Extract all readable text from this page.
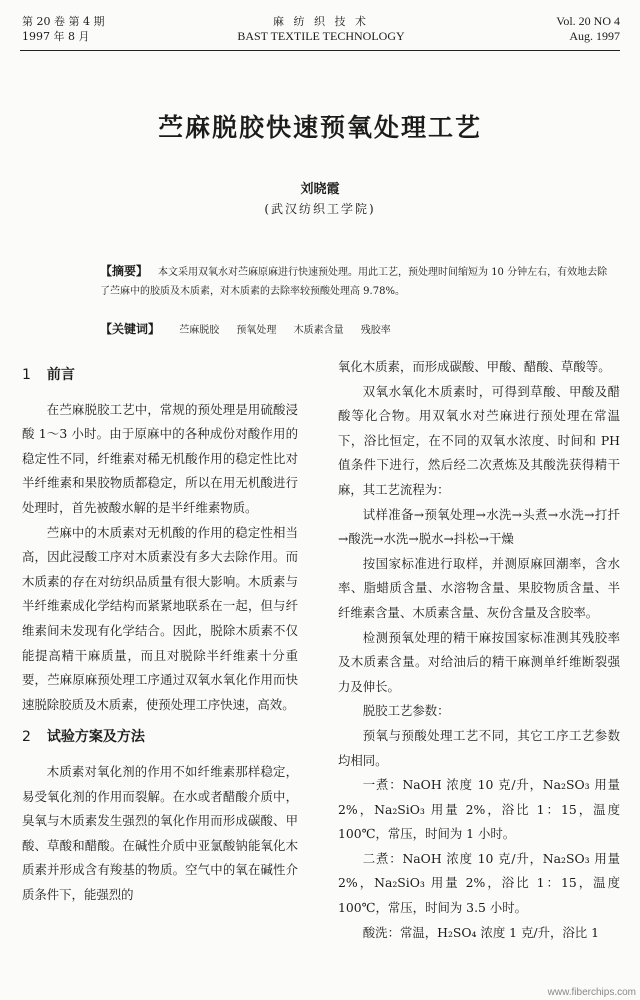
第 20 卷 第 4 期
1997 年 8 月
麻 纺 织 技 术
BAST TEXTILE TECHNOLOGY
Vol. 20 NO 4
Aug. 1997
苎麻脱胶快速预氧处理工艺
刘晓霞
(武汉纺织工学院)
【摘要】 本文采用双氧水对苎麻原麻进行快速预处理。用此工艺，预处理时间缩短为 10 分钟左右，有效地去除了苎麻中的胶质及木质素，对木质素的去除率较预酸处理高 9.78%。
【关键词】 苎麻脱胶 预氧处理 木质素含量 残胶率
1 前言

在苎麻脱胶工艺中，常规的预处理是用硫酸浸酸 1～3 小时。由于原麻中的各种成份对酸作用的稳定性不同，纤维素对稀无机酸作用的稳定性比对半纤维素和果胶物质都稳定，所以在用无机酸进行处理时，首先被酸水解的是半纤维素物质。

苎麻中的木质素对无机酸的作用的稳定性相当高，因此浸酸工序对木质素没有多大去除作用。而木质素的存在对纺织品质量有很大影响。木质素与半纤维素成化学结构而紧紧地联系在一起，但与纤维素间未发现有化学结合。因此，脱除木质素不仅能提高精干麻质量，而且对脱除半纤维素十分重要，苎麻原麻预处理工序通过双氧水氧化作用而快速脱除胶质及木质素，使预处理工序快速，高效。

2 试验方案及方法

木质素对氧化剂的作用不如纤维素那样稳定，易受氧化剂的作用而裂解。在水或者醋酸介质中，臭氧与木质素发生强烈的氧化作用而形成碳酸、甲酸、草酸和醋酸。在碱性介质中亚氯酸钠能氧化木质素并形成含有羧基的物质。空气中的氧在碱性介质条件下，能强烈的

氧化木质素，而形成碳酸、甲酸、醋酸、草酸等。

双氧水氧化木质素时，可得到草酸、甲酸及醋酸等化合物。用双氧水对苎麻进行预处理在常温下，浴比恒定，在不同的双氧水浓度、时间和 PH 值条件下进行，然后经二次煮炼及其酸洗获得精干麻，其工艺流程为：

试样准备→预氧处理→水洗→头煮→水洗→打扦→酸洗→水洗→脱水→抖松→干燥

按国家标准进行取样，并测原麻回潮率，含水率、脂蜡质含量、水溶物含量、果胶物质含量、半纤维素含量、木质素含量、灰份含量及含胶率。

检测预氧处理的精干麻按国家标准测其残胶率及木质素含量。对给油后的精干麻测单纤维断裂强力及伸长。

脱胶工艺参数：

预氧与预酸处理工艺不同，其它工序工艺参数均相同。

一煮：NaOH 浓度 10 克/升，Na₂SO₃ 用量 2%，Na₂SiO₃ 用量 2%，浴比 1：15，温度 100℃，常压，时间为 1 小时。

二煮：NaOH 浓度 10 克/升，Na₂SO₃ 用量 2%，Na₂SiO₃ 用量 2%，浴比 1：15，温度 100℃，常压，时间为 3.5 小时。

酸洗：常温，H₂SO₄ 浓度 1 克/升，浴比 1

www.fiberchips.com
